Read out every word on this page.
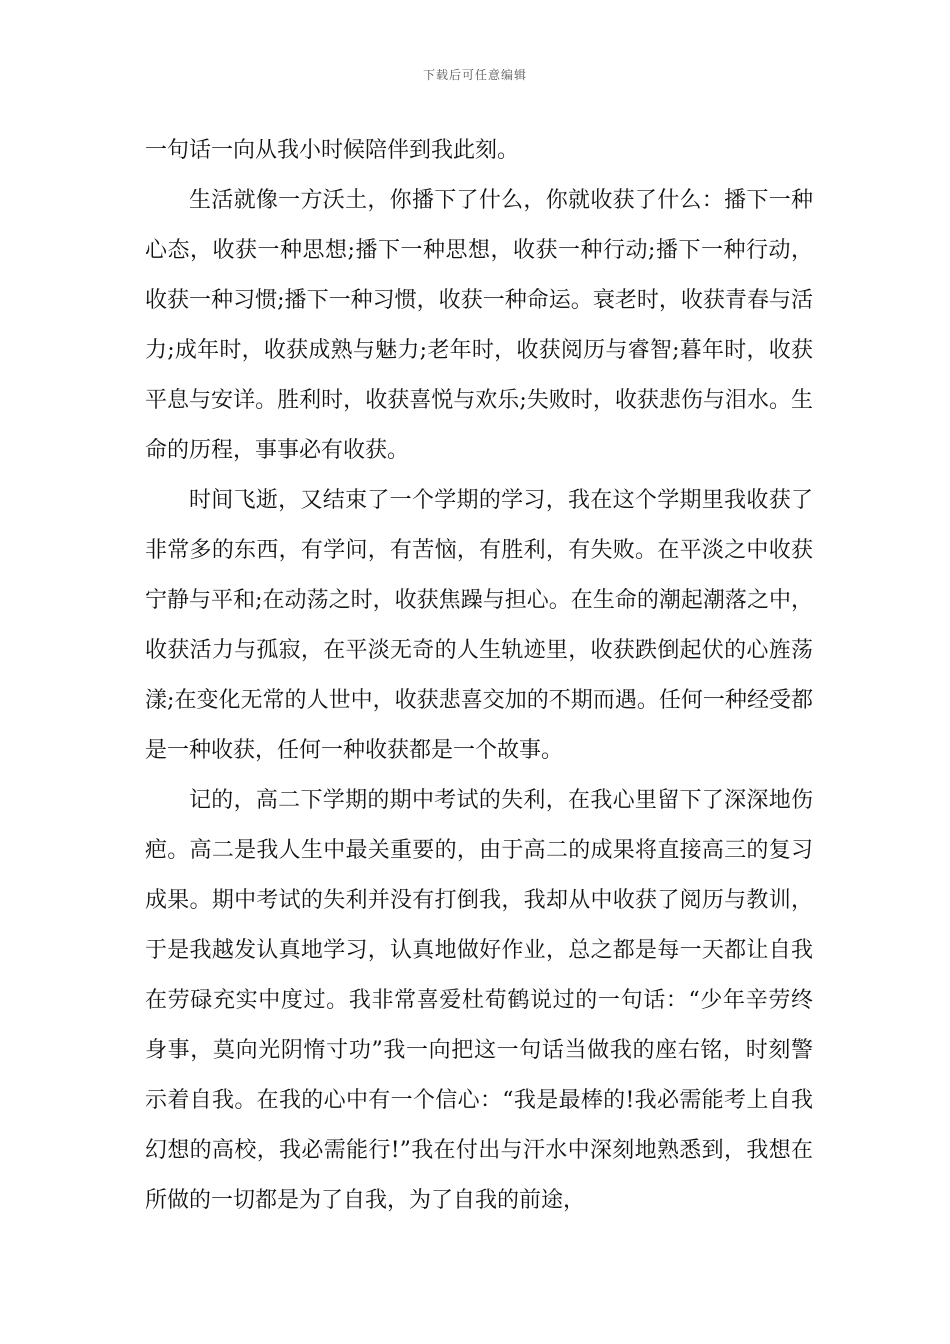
下载后可任意编辑

一句话一向从我小时候陪伴到我此刻。

生活就像一方沃土，你播下了什么，你就收获了什么：播下一种心态，收获一种思想;播下一种思想，收获一种行动;播下一种行动，收获一种习惯;播下一种习惯，收获一种命运。衰老时，收获青春与活力;成年时，收获成熟与魅力;老年时，收获阅历与睿智;暮年时，收获平息与安详。胜利时，收获喜悦与欢乐;失败时，收获悲伤与泪水。生命的历程，事事必有收获。

时间飞逝，又结束了一个学期的学习，我在这个学期里我收获了非常多的东西，有学问，有苦恼，有胜利，有失败。在平淡之中收获宁静与平和;在动荡之时，收获焦躁与担心。在生命的潮起潮落之中，收获活力与孤寂，在平淡无奇的人生轨迹里，收获跌倒起伏的心旌荡漾;在变化无常的人世中，收获悲喜交加的不期而遇。任何一种经受都是一种收获，任何一种收获都是一个故事。

记的，高二下学期的期中考试的失利，在我心里留下了深深地伤疤。高二是我人生中最关重要的，由于高二的成果将直接高三的复习成果。期中考试的失利并没有打倒我，我却从中收获了阅历与教训，于是我越发认真地学习，认真地做好作业，总之都是每一天都让自我在劳碌充实中度过。我非常喜爱杜荀鹤说过的一句话：“少年辛劳终身事，莫向光阴惰寸功”我一向把这一句话当做我的座右铭，时刻警示着自我。在我的心中有一个信心：“我是最棒的!我必需能考上自我幻想的高校，我必需能行!”我在付出与汗水中深刻地熟悉到，我想在所做的一切都是为了自我，为了自我的前途，
